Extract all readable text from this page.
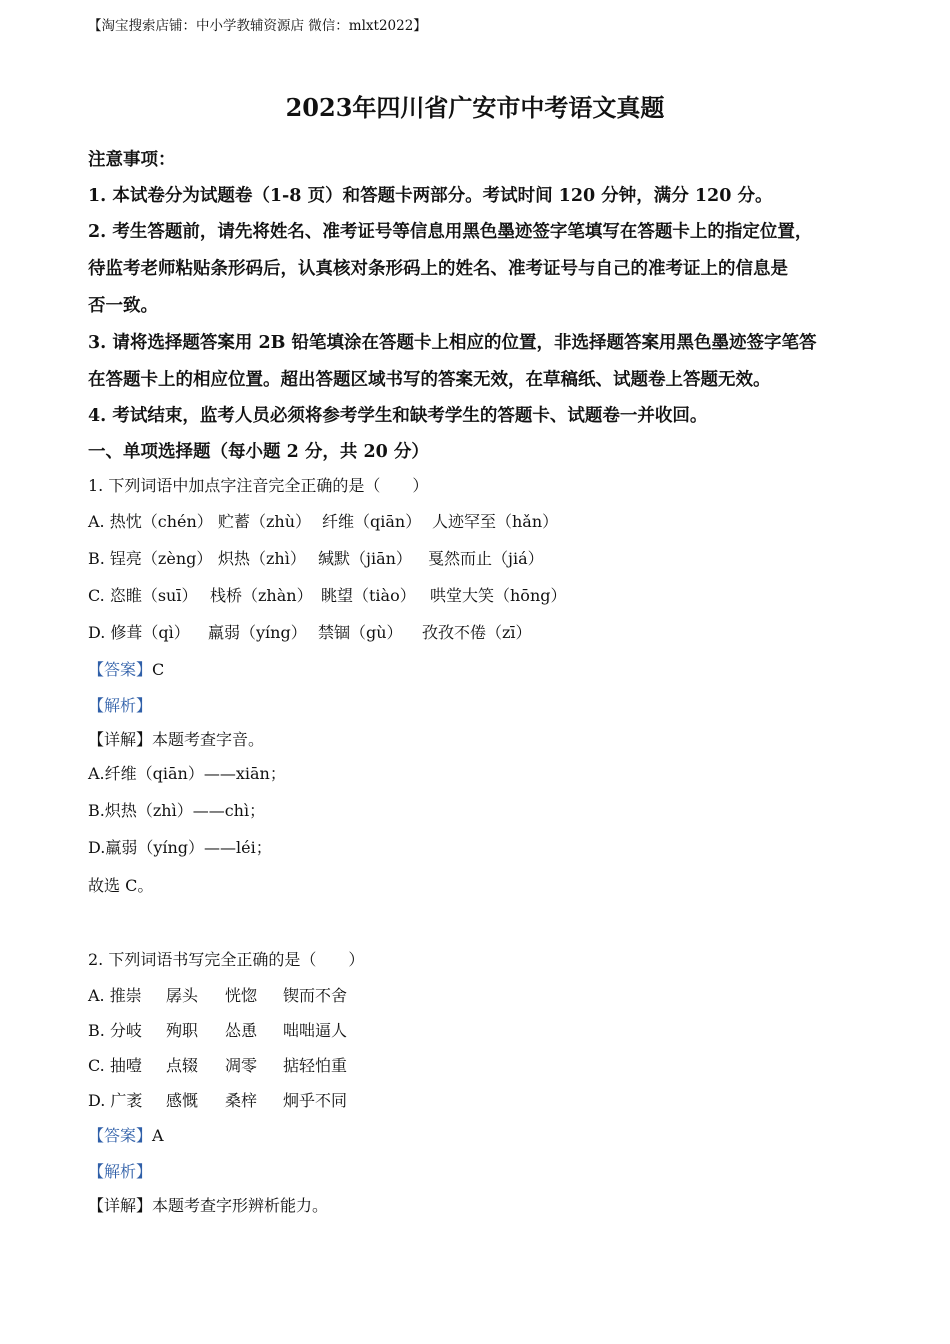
【淘宝搜索店铺：中小学教辅资源店 微信：mlxt2022】
2023年四川省广安市中考语文真题
注意事项：
1. 本试卷分为试题卷（1-8 页）和答题卡两部分。考试时间 120 分钟，满分 120 分。
2. 考生答题前，请先将姓名、准考证号等信息用黑色墨迹签字笔填写在答题卡上的指定位置，
待监考老师粘贴条形码后，认真核对条形码上的姓名、准考证号与自己的准考证上的信息是
否一致。
3. 请将选择题答案用 2B 铅笔填涂在答题卡上相应的位置，非选择题答案用黑色墨迹签字笔答
在答题卡上的相应位置。超出答题区域书写的答案无效，在草稿纸、试题卷上答题无效。
4. 考试结束，监考人员必须将参考学生和缺考学生的答题卡、试题卷一并收回。
一、单项选择题（每小题 2 分，共 20 分）
1. 下列词语中加点字注音完全正确的是（　　）
A. 热忱（chén） 贮蓄（zhù） 纤维（qiān） 人迹罕至（hǎn）
B. 锃亮（zèng） 炽热（zhì） 缄默（jiān） 戛然而止（jiá）
C. 恣睢（suī） 栈桥（zhàn） 眺望（tiào） 哄堂大笑（hōng）
D. 修葺（qì） 羸弱（yíng） 禁锢（gù） 孜孜不倦（zī）
【答案】C
【解析】
【详解】本题考查字音。
A.纤维（qiān）——xiān；
B.炽热（zhì）——chì；
D.羸弱（yíng）——léi；
故选 C。
2. 下列词语书写完全正确的是（　　）
A. 推崇 孱头 恍惚 锲而不舍
B. 分岐 殉职 怂恿 咄咄逼人
C. 抽噎 点辍 凋零 掂轻怕重
D. 广袤 感慨 桑梓 炯乎不同
【答案】A
【解析】
【详解】本题考查字形辨析能力。
